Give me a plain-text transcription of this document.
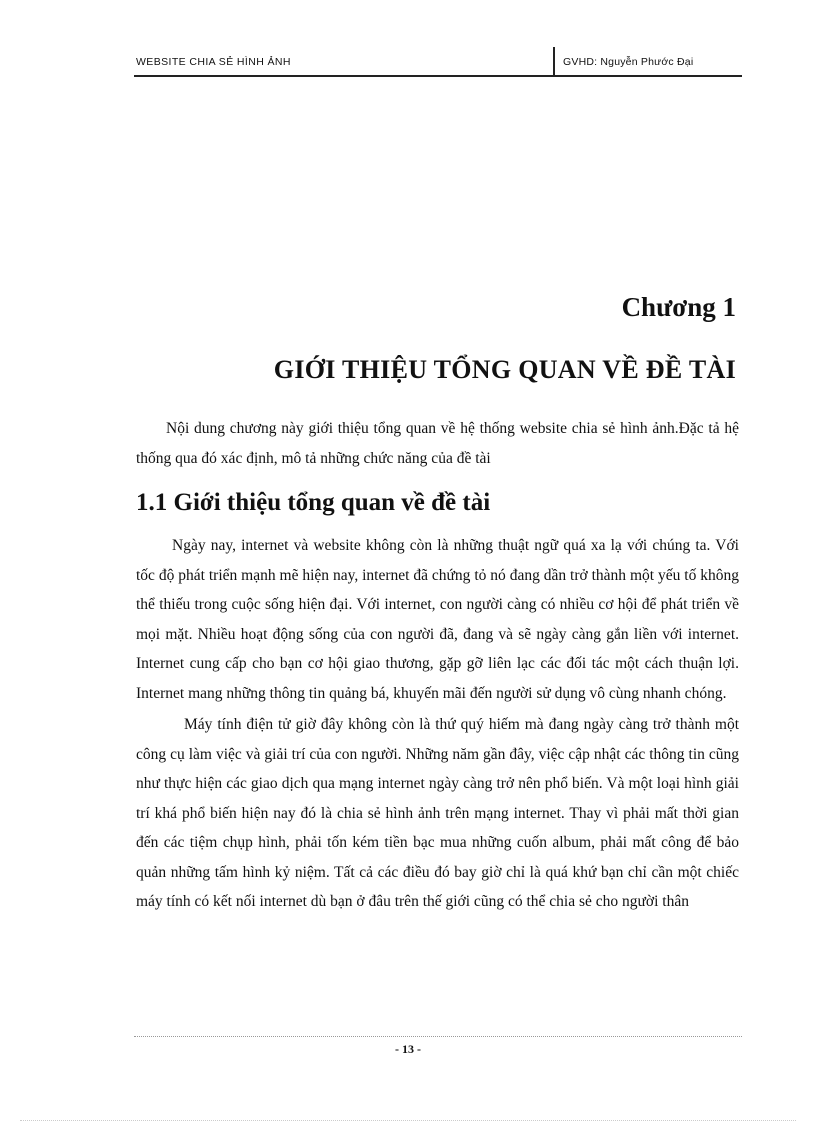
WEBSITE CHIA SẺ HÌNH ẢNH	GVHD: Nguyễn Phước Đại
Chương 1
GIỚI THIỆU TỔNG QUAN VỀ ĐỀ TÀI
Nội dung chương này giới thiệu tổng quan về hệ thống website chia sẻ hình ảnh.Đặc tả hệ thống qua đó xác định, mô tả những chức năng của đề tài
1.1 Giới thiệu tổng quan về đề tài

Ngày nay, internet và website không còn là những thuật ngữ quá xa lạ với chúng ta. Với tốc độ phát triển mạnh mẽ hiện nay, internet đã chứng tỏ nó đang dần trở thành một yếu tố không thể thiếu trong cuộc sống hiện đại. Với internet, con người càng có nhiều cơ hội để phát triển về mọi mặt. Nhiều hoạt động sống của con người đã, đang và sẽ ngày càng gắn liền với internet. Internet cung cấp cho bạn cơ hội giao thương, gặp gỡ liên lạc các đối tác một cách thuận lợi. Internet mang những thông tin quảng bá, khuyến mãi đến người sử dụng vô cùng nhanh chóng.

Máy tính điện tử giờ đây không còn là thứ quý hiếm mà đang ngày càng trở thành một công cụ làm việc và giải trí của con người. Những năm gần đây, việc cập nhật các thông tin cũng như thực hiện các giao dịch qua mạng internet ngày càng trở nên phổ biến. Và một loại hình giải trí khá phổ biến hiện nay đó là chia sẻ hình ảnh trên mạng internet. Thay vì phải mất thời gian đến các tiệm chụp hình, phải tốn kém tiền bạc mua những cuốn album, phải mất công để bảo quản những tấm hình kỷ niệm. Tất cả các điều đó bay giờ chỉ là quá khứ bạn chỉ cần một chiếc máy tính có kết nối internet dù bạn ở đâu trên thế giới cũng có thể chia sẻ cho người thân

- 13 -
